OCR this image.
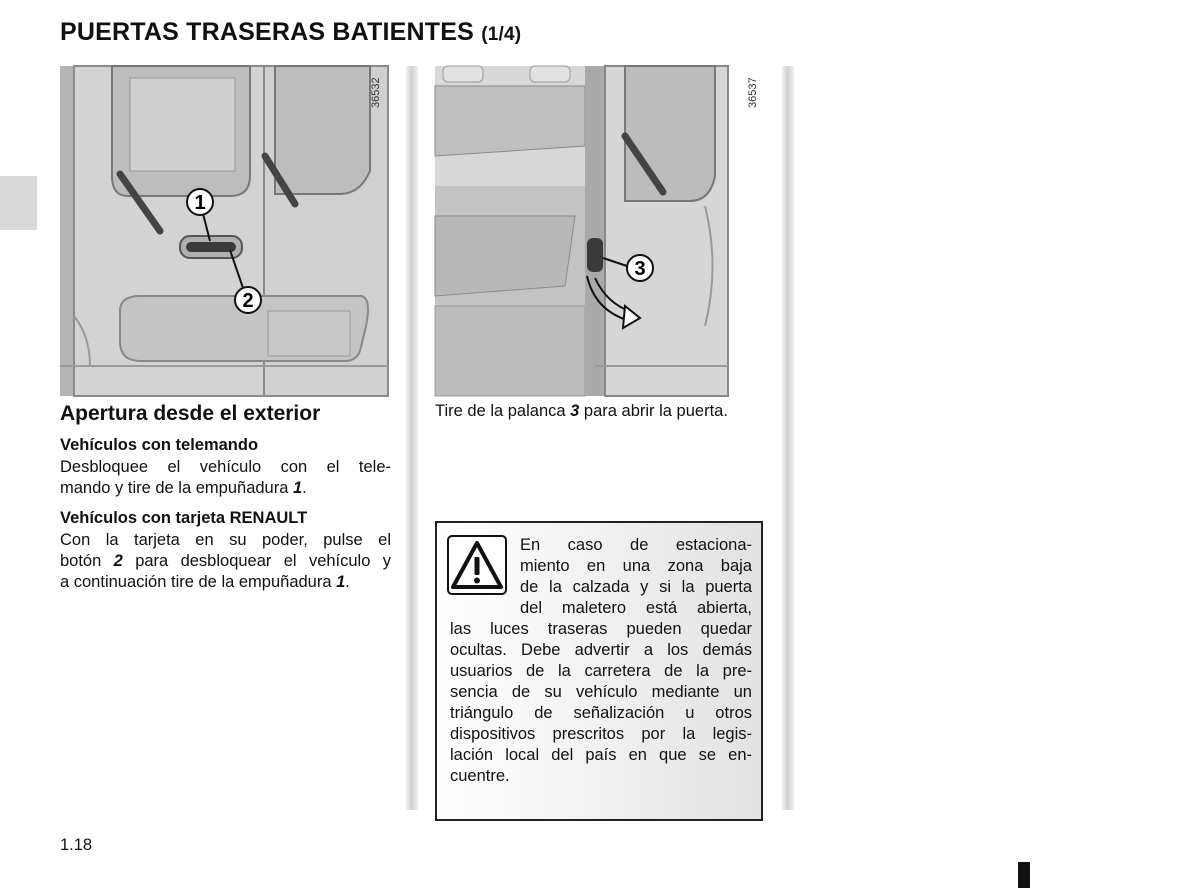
PUERTAS TRASERAS BATIENTES (1/4)
1
2
36532
3
36537
Apertura desde el exterior
Vehículos con telemando
Desbloquee el vehículo con el tele-
mando y tire de la empuñadura 1.
Vehículos con tarjeta RENAULT
Con la tarjeta en su poder, pulse el
botón 2 para desbloquear el vehículo y
a continuación tire de la empuñadura 1.
Tire de la palanca 3 para abrir la puerta.
En caso de estaciona-
miento en una zona baja
de la calzada y si la puerta
del maletero está abierta,
las luces traseras pueden quedar
ocultas. Debe advertir a los demás
usuarios de la carretera de la pre-
sencia de su vehículo mediante un
triángulo de señalización u otros
dispositivos prescritos por la legis-
lación local del país en que se en-
cuentre.
1.18
